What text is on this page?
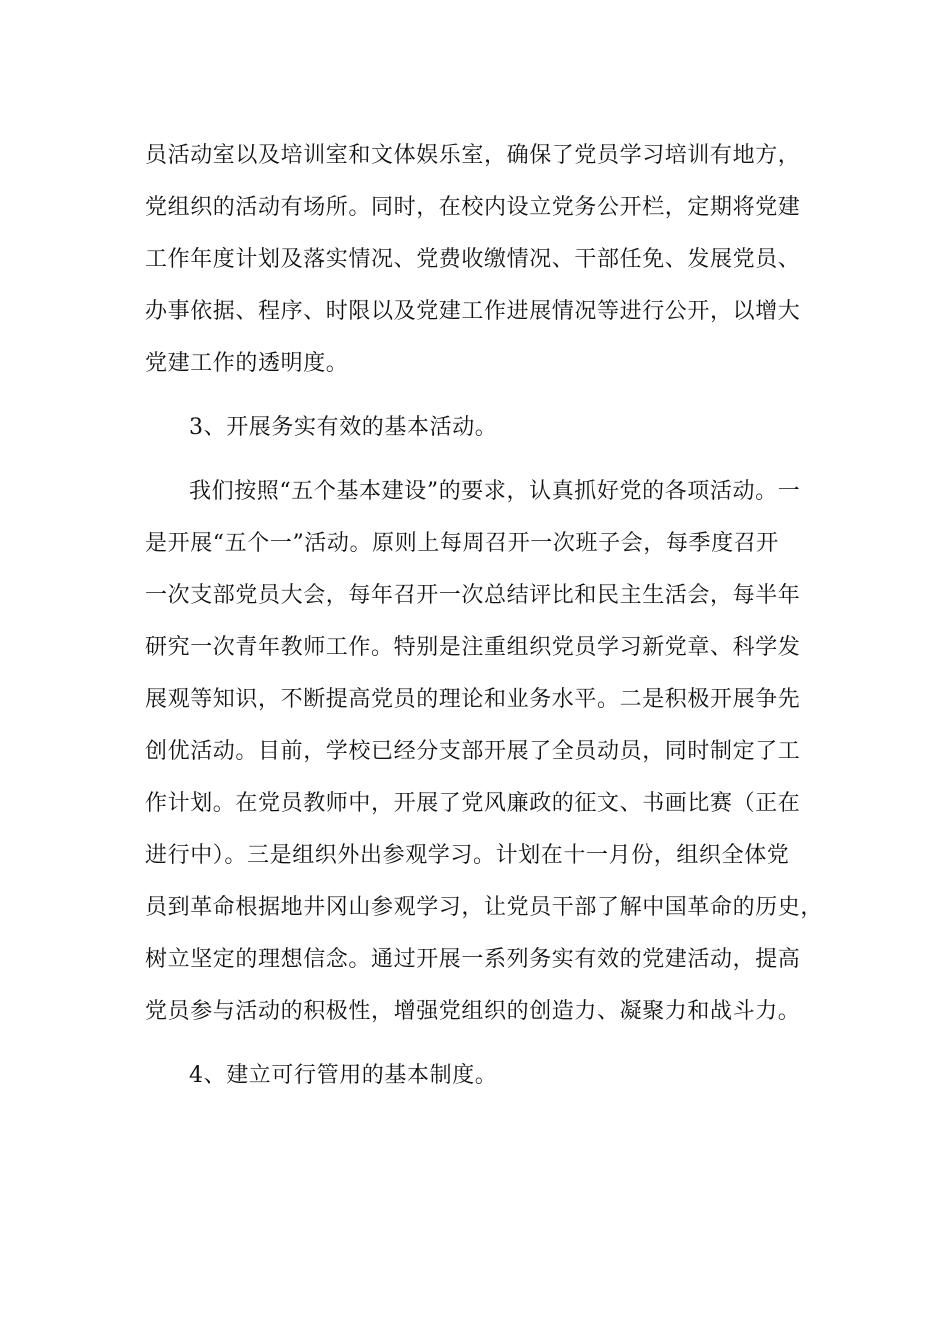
员活动室以及培训室和文体娱乐室，确保了党员学习培训有地方，
党组织的活动有场所。同时，在校内设立党务公开栏，定期将党建
工作年度计划及落实情况、党费收缴情况、干部任免、发展党员、
办事依据、程序、时限以及党建工作进展情况等进行公开，以增大
党建工作的透明度。

3、开展务实有效的基本活动。

我们按照“五个基本建设”的要求，认真抓好党的各项活动。一
是开展“五个一”活动。原则上每周召开一次班子会，每季度召开
一次支部党员大会，每年召开一次总结评比和民主生活会，每半年
研究一次青年教师工作。特别是注重组织党员学习新党章、科学发
展观等知识，不断提高党员的理论和业务水平。二是积极开展争先
创优活动。目前，学校已经分支部开展了全员动员，同时制定了工
作计划。在党员教师中，开展了党风廉政的征文、书画比赛（正在
进行中）。三是组织外出参观学习。计划在十一月份，组织全体党
员到革命根据地井冈山参观学习，让党员干部了解中国革命的历史，
树立坚定的理想信念。通过开展一系列务实有效的党建活动，提高
党员参与活动的积极性，增强党组织的创造力、凝聚力和战斗力。

4、建立可行管用的基本制度。
